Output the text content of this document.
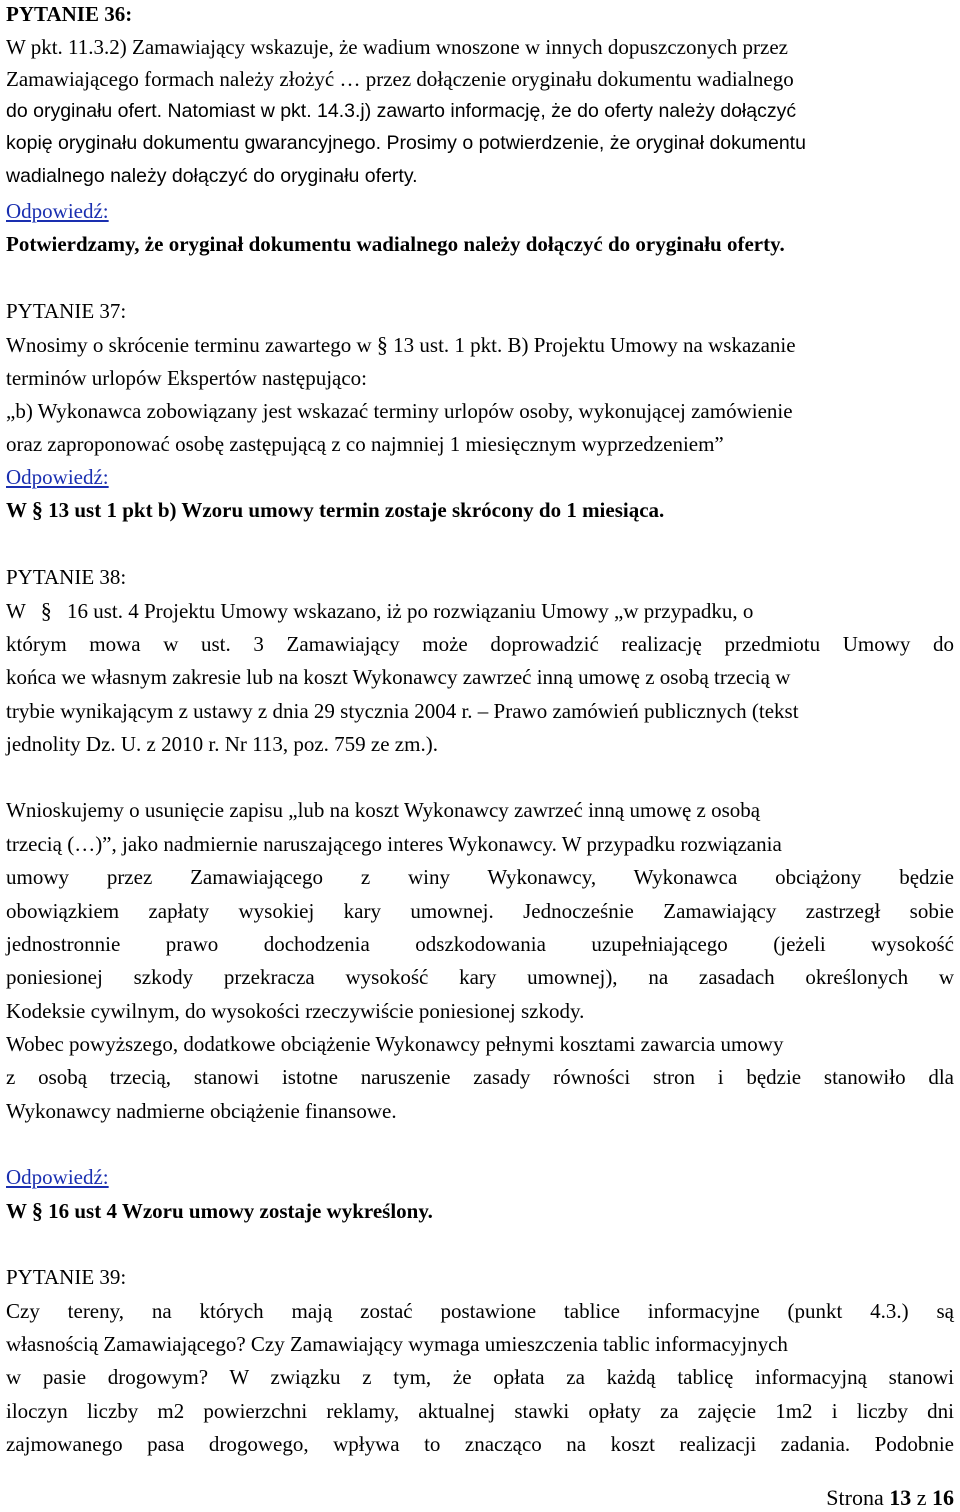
PYTANIE 36:
W pkt. 11.3.2) Zamawiający wskazuje, że wadium wnoszone w innych dopuszczonych przez
Zamawiającego formach należy złożyć … przez dołączenie oryginału dokumentu wadialnego
do oryginału ofert. Natomiast w pkt. 14.3.j) zawarto informację, że do oferty należy dołączyć
kopię oryginału dokumentu gwarancyjnego. Prosimy o potwierdzenie, że oryginał dokumentu
wadialnego należy dołączyć do oryginału oferty.
Odpowiedź:
Potwierdzamy, że oryginał dokumentu wadialnego należy dołączyć do oryginału oferty.
PYTANIE 37:
Wnosimy o skrócenie terminu zawartego w § 13 ust. 1 pkt. B) Projektu Umowy na wskazanie
terminów urlopów Ekspertów następująco:
„b) Wykonawca zobowiązany jest wskazać terminy urlopów osoby, wykonującej zamówienie
oraz zaproponować osobę zastępującą z co najmniej 1 miesięcznym wyprzedzeniem”
Odpowiedź:
W § 13 ust 1 pkt b) Wzoru umowy termin zostaje skrócony do 1 miesiąca.
PYTANIE 38:
W § 16 ust. 4 Projektu Umowy wskazano, iż po rozwiązaniu Umowy „w przypadku, o
którym mowa w ust. 3 Zamawiający może doprowadzić realizację przedmiotu Umowy do
końca we własnym zakresie lub na koszt Wykonawcy zawrzeć inną umowę z osobą trzecią w
trybie wynikającym z ustawy z dnia 29 stycznia 2004 r. – Prawo zamówień publicznych (tekst
jednolity Dz. U. z 2010 r. Nr 113, poz. 759 ze zm.).
Wnioskujemy o usunięcie zapisu „lub na koszt Wykonawcy zawrzeć inną umowę z osobą
trzecią (…)”, jako nadmiernie naruszającego interes Wykonawcy. W przypadku rozwiązania
umowy przez Zamawiającego z winy Wykonawcy, Wykonawca obciążony będzie
obowiązkiem zapłaty wysokiej kary umownej. Jednocześnie Zamawiający zastrzegł sobie
jednostronnie prawo dochodzenia odszkodowania uzupełniającego (jeżeli wysokość
poniesionej szkody przekracza wysokość kary umownej), na zasadach określonych w
Kodeksie cywilnym, do wysokości rzeczywiście poniesionej szkody.
Wobec powyższego, dodatkowe obciążenie Wykonawcy pełnymi kosztami zawarcia umowy
z osobą trzecią, stanowi istotne naruszenie zasady równości stron i będzie stanowiło dla
Wykonawcy nadmierne obciążenie finansowe.
Odpowiedź:
W § 16 ust 4 Wzoru umowy zostaje wykreślony.
PYTANIE 39:
Czy tereny, na których mają zostać postawione tablice informacyjne (punkt 4.3.) są
własnością Zamawiającego? Czy Zamawiający wymaga umieszczenia tablic informacyjnych
w pasie drogowym? W związku z tym, że opłata za każdą tablicę informacyjną stanowi
iloczyn liczby m2 powierzchni reklamy, aktualnej stawki opłaty za zajęcie 1m2 i liczby dni
zajmowanego pasa drogowego, wpływa to znacząco na koszt realizacji zadania. Podobnie
Strona 13 z 16
